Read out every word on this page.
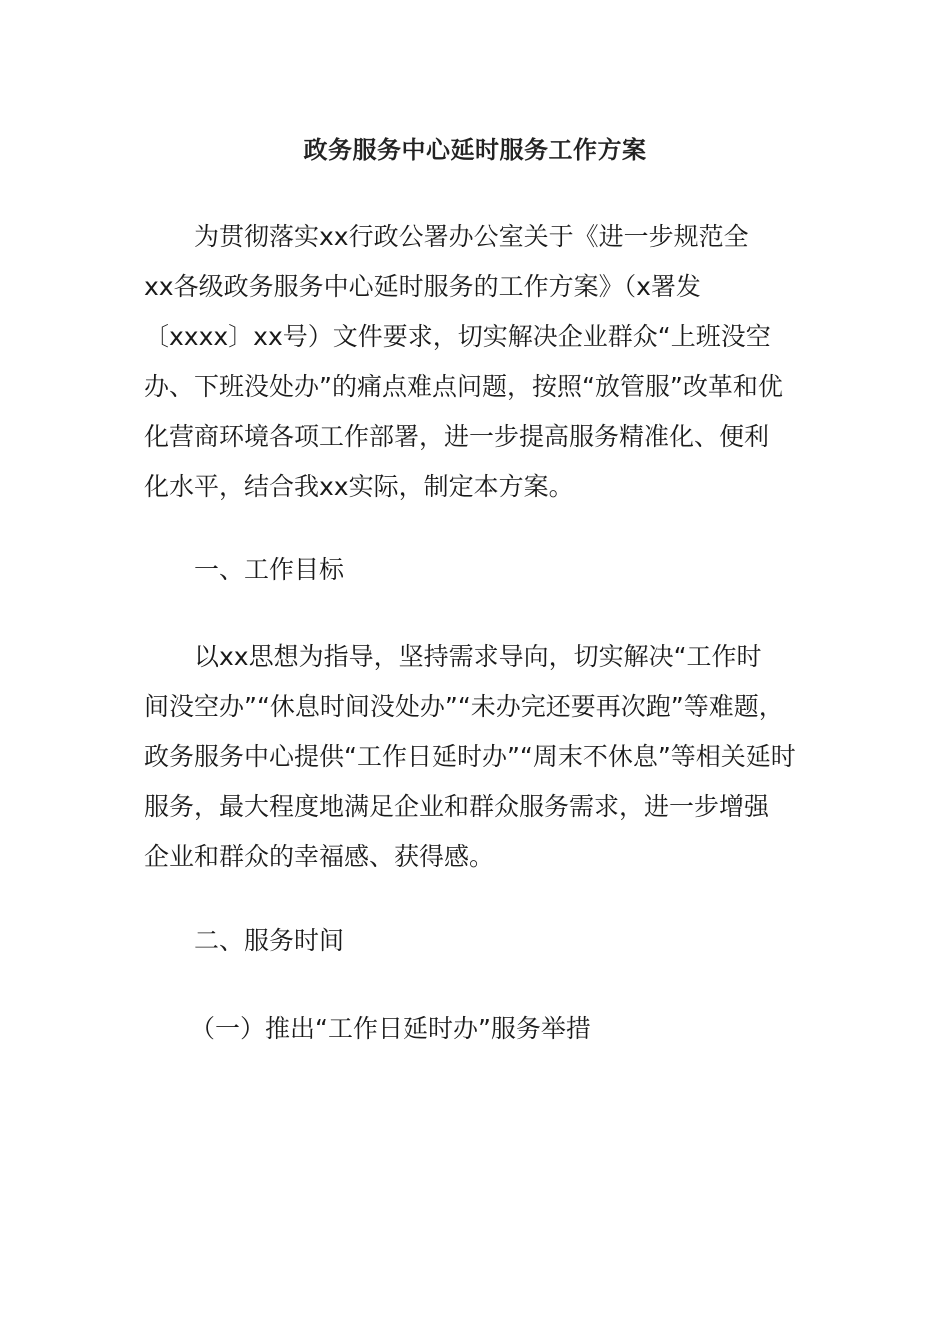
政务服务中心延时服务工作方案

为贯彻落实xx行政公署办公室关于《进一步规范全
xx各级政务服务中心延时服务的工作方案》（x署发
〔xxxx〕xx号）文件要求，切实解决企业群众“上班没空
办、下班没处办”的痛点难点问题，按照“放管服”改革和优
化营商环境各项工作部署，进一步提高服务精准化、便利
化水平，结合我xx实际，制定本方案。

一、工作目标

以xx思想为指导，坚持需求导向，切实解决“工作时
间没空办”“休息时间没处办”“未办完还要再次跑”等难题，
政务服务中心提供“工作日延时办”“周末不休息”等相关延时
服务，最大程度地满足企业和群众服务需求，进一步增强
企业和群众的幸福感、获得感。

二、服务时间
（一）推出“工作日延时办”服务举措
